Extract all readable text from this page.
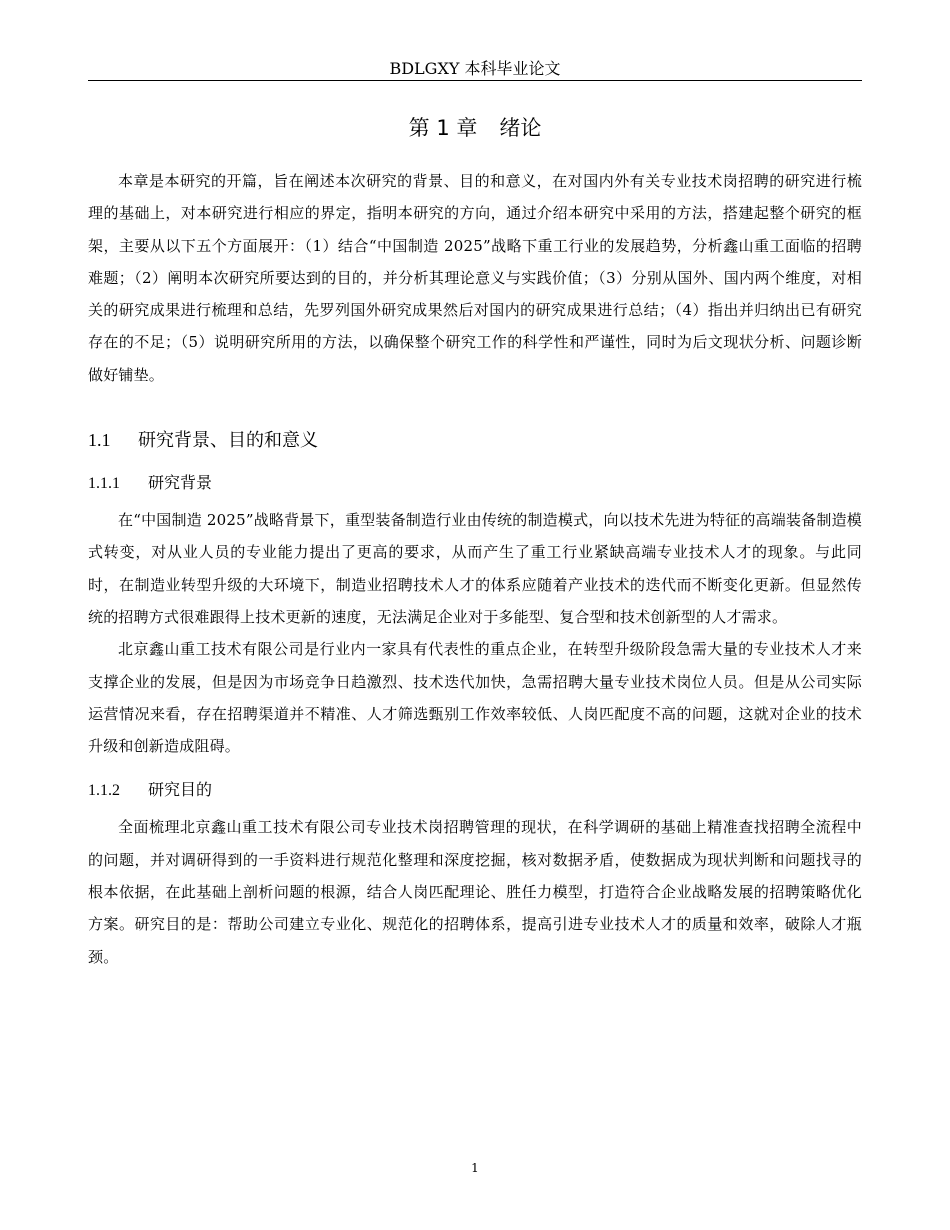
BDLGXY 本科毕业论文
第 1 章 绪论

本章是本研究的开篇，旨在阐述本次研究的背景、目的和意义，在对国内外有关专业技术岗招聘的研究进行梳理的基础上，对本研究进行相应的界定，指明本研究的方向，通过介绍本研究中采用的方法，搭建起整个研究的框架，主要从以下五个方面展开：（1）结合“中国制造 2025”战略下重工行业的发展趋势，分析鑫山重工面临的招聘难题；（2）阐明本次研究所要达到的目的，并分析其理论意义与实践价值；（3）分别从国外、国内两个维度，对相关的研究成果进行梳理和总结，先罗列国外研究成果然后对国内的研究成果进行总结；（4）指出并归纳出已有研究存在的不足；（5）说明研究所用的方法，以确保整个研究工作的科学性和严谨性，同时为后文现状分析、问题诊断做好铺垫。

1.1 研究背景、目的和意义
1.1.1 研究背景

在“中国制造 2025”战略背景下，重型装备制造行业由传统的制造模式，向以技术先进为特征的高端装备制造模式转变，对从业人员的专业能力提出了更高的要求，从而产生了重工行业紧缺高端专业技术人才的现象。与此同时，在制造业转型升级的大环境下，制造业招聘技术人才的体系应随着产业技术的迭代而不断变化更新。但显然传统的招聘方式很难跟得上技术更新的速度，无法满足企业对于多能型、复合型和技术创新型的人才需求。

北京鑫山重工技术有限公司是行业内一家具有代表性的重点企业，在转型升级阶段急需大量的专业技术人才来支撑企业的发展，但是因为市场竞争日趋激烈、技术迭代加快，急需招聘大量专业技术岗位人员。但是从公司实际运营情况来看，存在招聘渠道并不精准、人才筛选甄别工作效率较低、人岗匹配度不高的问题，这就对企业的技术升级和创新造成阻碍。

1.1.2 研究目的

全面梳理北京鑫山重工技术有限公司专业技术岗招聘管理的现状，在科学调研的基础上精准查找招聘全流程中的问题，并对调研得到的一手资料进行规范化整理和深度挖掘，核对数据矛盾，使数据成为现状判断和问题找寻的根本依据，在此基础上剖析问题的根源，结合人岗匹配理论、胜任力模型，打造符合企业战略发展的招聘策略优化方案。研究目的是：帮助公司建立专业化、规范化的招聘体系，提高引进专业技术人才的质量和效率，破除人才瓶颈。

1
